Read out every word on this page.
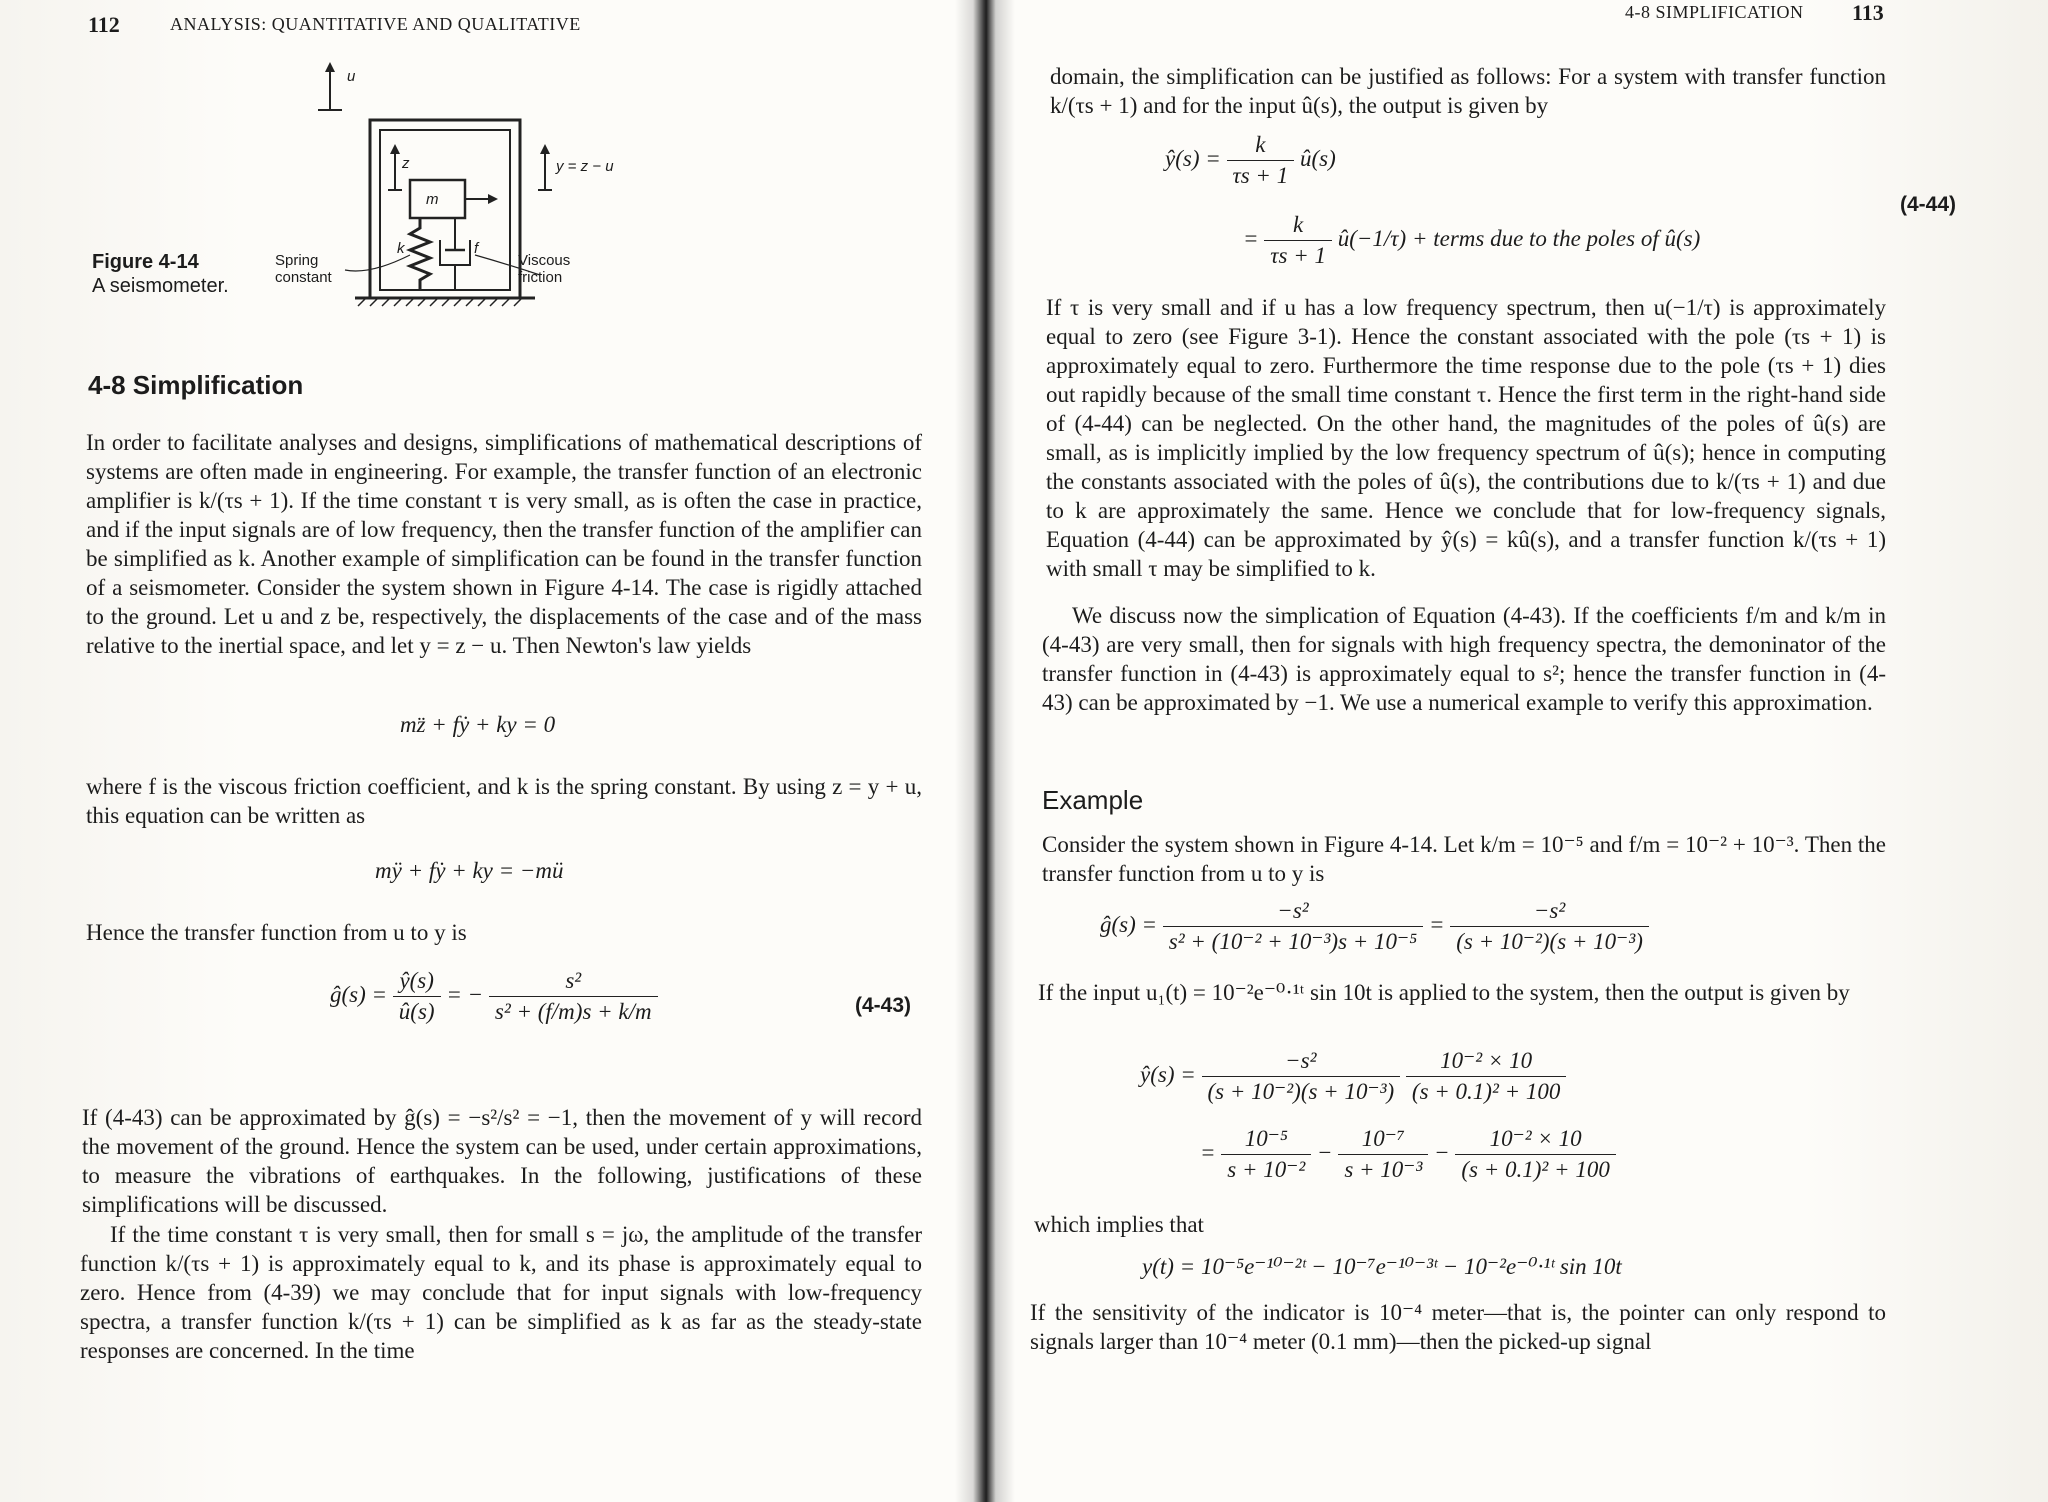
112	ANALYSIS: QUANTITATIVE AND QUALITATIVE
u
z	y = z − u
m
k	f
Spring constant
Viscous friction
Figure 4-14
A seismometer.
4-8 Simplification

In order to facilitate analyses and designs, simplifications of mathematical descriptions of systems are often made in engineering. For example, the transfer function of an electronic amplifier is k/(τs + 1). If the time constant τ is very small, as is often the case in practice, and if the input signals are of low frequency, then the transfer function of the amplifier can be simplified as k. Another example of simplification can be found in the transfer function of a seismometer. Consider the system shown in Figure 4-14. The case is rigidly attached to the ground. Let u and z be, respectively, the displacements of the case and of the mass relative to the inertial space, and let y = z − u. Then Newton's law yields

mz̈ + fẏ + ky = 0

where f is the viscous friction coefficient, and k is the spring constant. By using z = y + u, this equation can be written as

mÿ + fẏ + ky = −mü

Hence the transfer function from u to y is

ĝ(s) = $\frac{ŷ(s)}{û(s)}$ = − $\frac{\text{s²}}{\text{s² + (f/m)s + k/m}}$	(4-43)

If (4-43) can be approximated by ĝ(s) = −s²/s² = −1, then the movement of y will record the movement of the ground. Hence the system can be used, under certain approximations, to measure the vibrations of earthquakes. In the following, justifications of these simplifications will be discussed.

If the time constant τ is very small, then for small s = jω, the amplitude of the transfer function k/(τs + 1) is approximately equal to k, and its phase is approximately equal to zero. Hence from (4-39) we may conclude that for input signals with low-frequency spectra, a transfer function k/(τs + 1) can be simplified as k as far as the steady-state responses are concerned. In the time

4-8 SIMPLIFICATION 113

domain, the simplification can be justified as follows: For a system with transfer function k/(τs + 1) and for the input û(s), the output is given by

ŷ(s) = $\frac{k}{\tau s + 1}$ û(s)
= $\frac{k}{\tau s + 1}$ û(−1/τ) + terms due to the poles of û(s)
(4-44)

If τ is very small and if u has a low frequency spectrum, then u(−1/τ) is approximately equal to zero (see Figure 3-1). Hence the constant associated with the pole (τs + 1) is approximately equal to zero. Furthermore the time response due to the pole (τs + 1) dies out rapidly because of the small time constant τ. Hence the first term in the right-hand side of (4-44) can be neglected. On the other hand, the magnitudes of the poles of û(s) are small, as is implicitly implied by the low frequency spectrum of û(s); hence in computing the constants associated with the poles of û(s), the contributions due to k/(τs + 1) and due to k are approximately the same. Hence we conclude that for low-frequency signals, Equation (4-44) can be approximated by ŷ(s) = kû(s), and a transfer function k/(τs + 1) with small τ may be simplified to k.

We discuss now the simplication of Equation (4-43). If the coefficients f/m and k/m in (4-43) are very small, then for signals with high frequency spectra, the demoninator of the transfer function in (4-43) is approximately equal to s²; hence the transfer function in (4-43) can be approximated by −1. We use a numerical example to verify this approximation.

Example

Consider the system shown in Figure 4-14. Let k/m = 10⁻⁵ and f/m = 10⁻² + 10⁻³. Then the transfer function from u to y is

ĝ(s) = $\frac{\text{−s²}}{\text{s² + (10⁻² + 10⁻³)s + 10⁻⁵}} = \frac{\text{−s²}}{\text{(s + 10⁻²)(s + 10⁻³)}}$

If the input u₁(t) = 10⁻²e⁻⁰·¹ᵗ sin 10t is applied to the system, then the output is given by

ŷ(s) = $\frac{\text{−s²}}{\text{(s + 10⁻²)(s + 10⁻³)}}$
$\frac{\text{10⁻² × 10}}{\text{(s + 0.1)² + 100}}$
= $\frac{\text{10⁻⁵}}{\text{s + 10⁻²}} - \frac{\text{10⁻⁷}}{\text{s + 10⁻³}} - \frac{\text{10⁻² × 10}}{\text{(s + 0.1)² + 100}}$

which implies that

y(t) = 10⁻⁵e⁻¹⁰⁻²ᵗ − 10⁻⁷e⁻¹⁰⁻³ᵗ − 10⁻²e⁻⁰·¹ᵗ sin 10t

If the sensitivity of the indicator is 10⁻⁴ meter—that is, the pointer can only respond to signals larger than 10⁻⁴ meter (0.1 mm)—then the picked-up signal
